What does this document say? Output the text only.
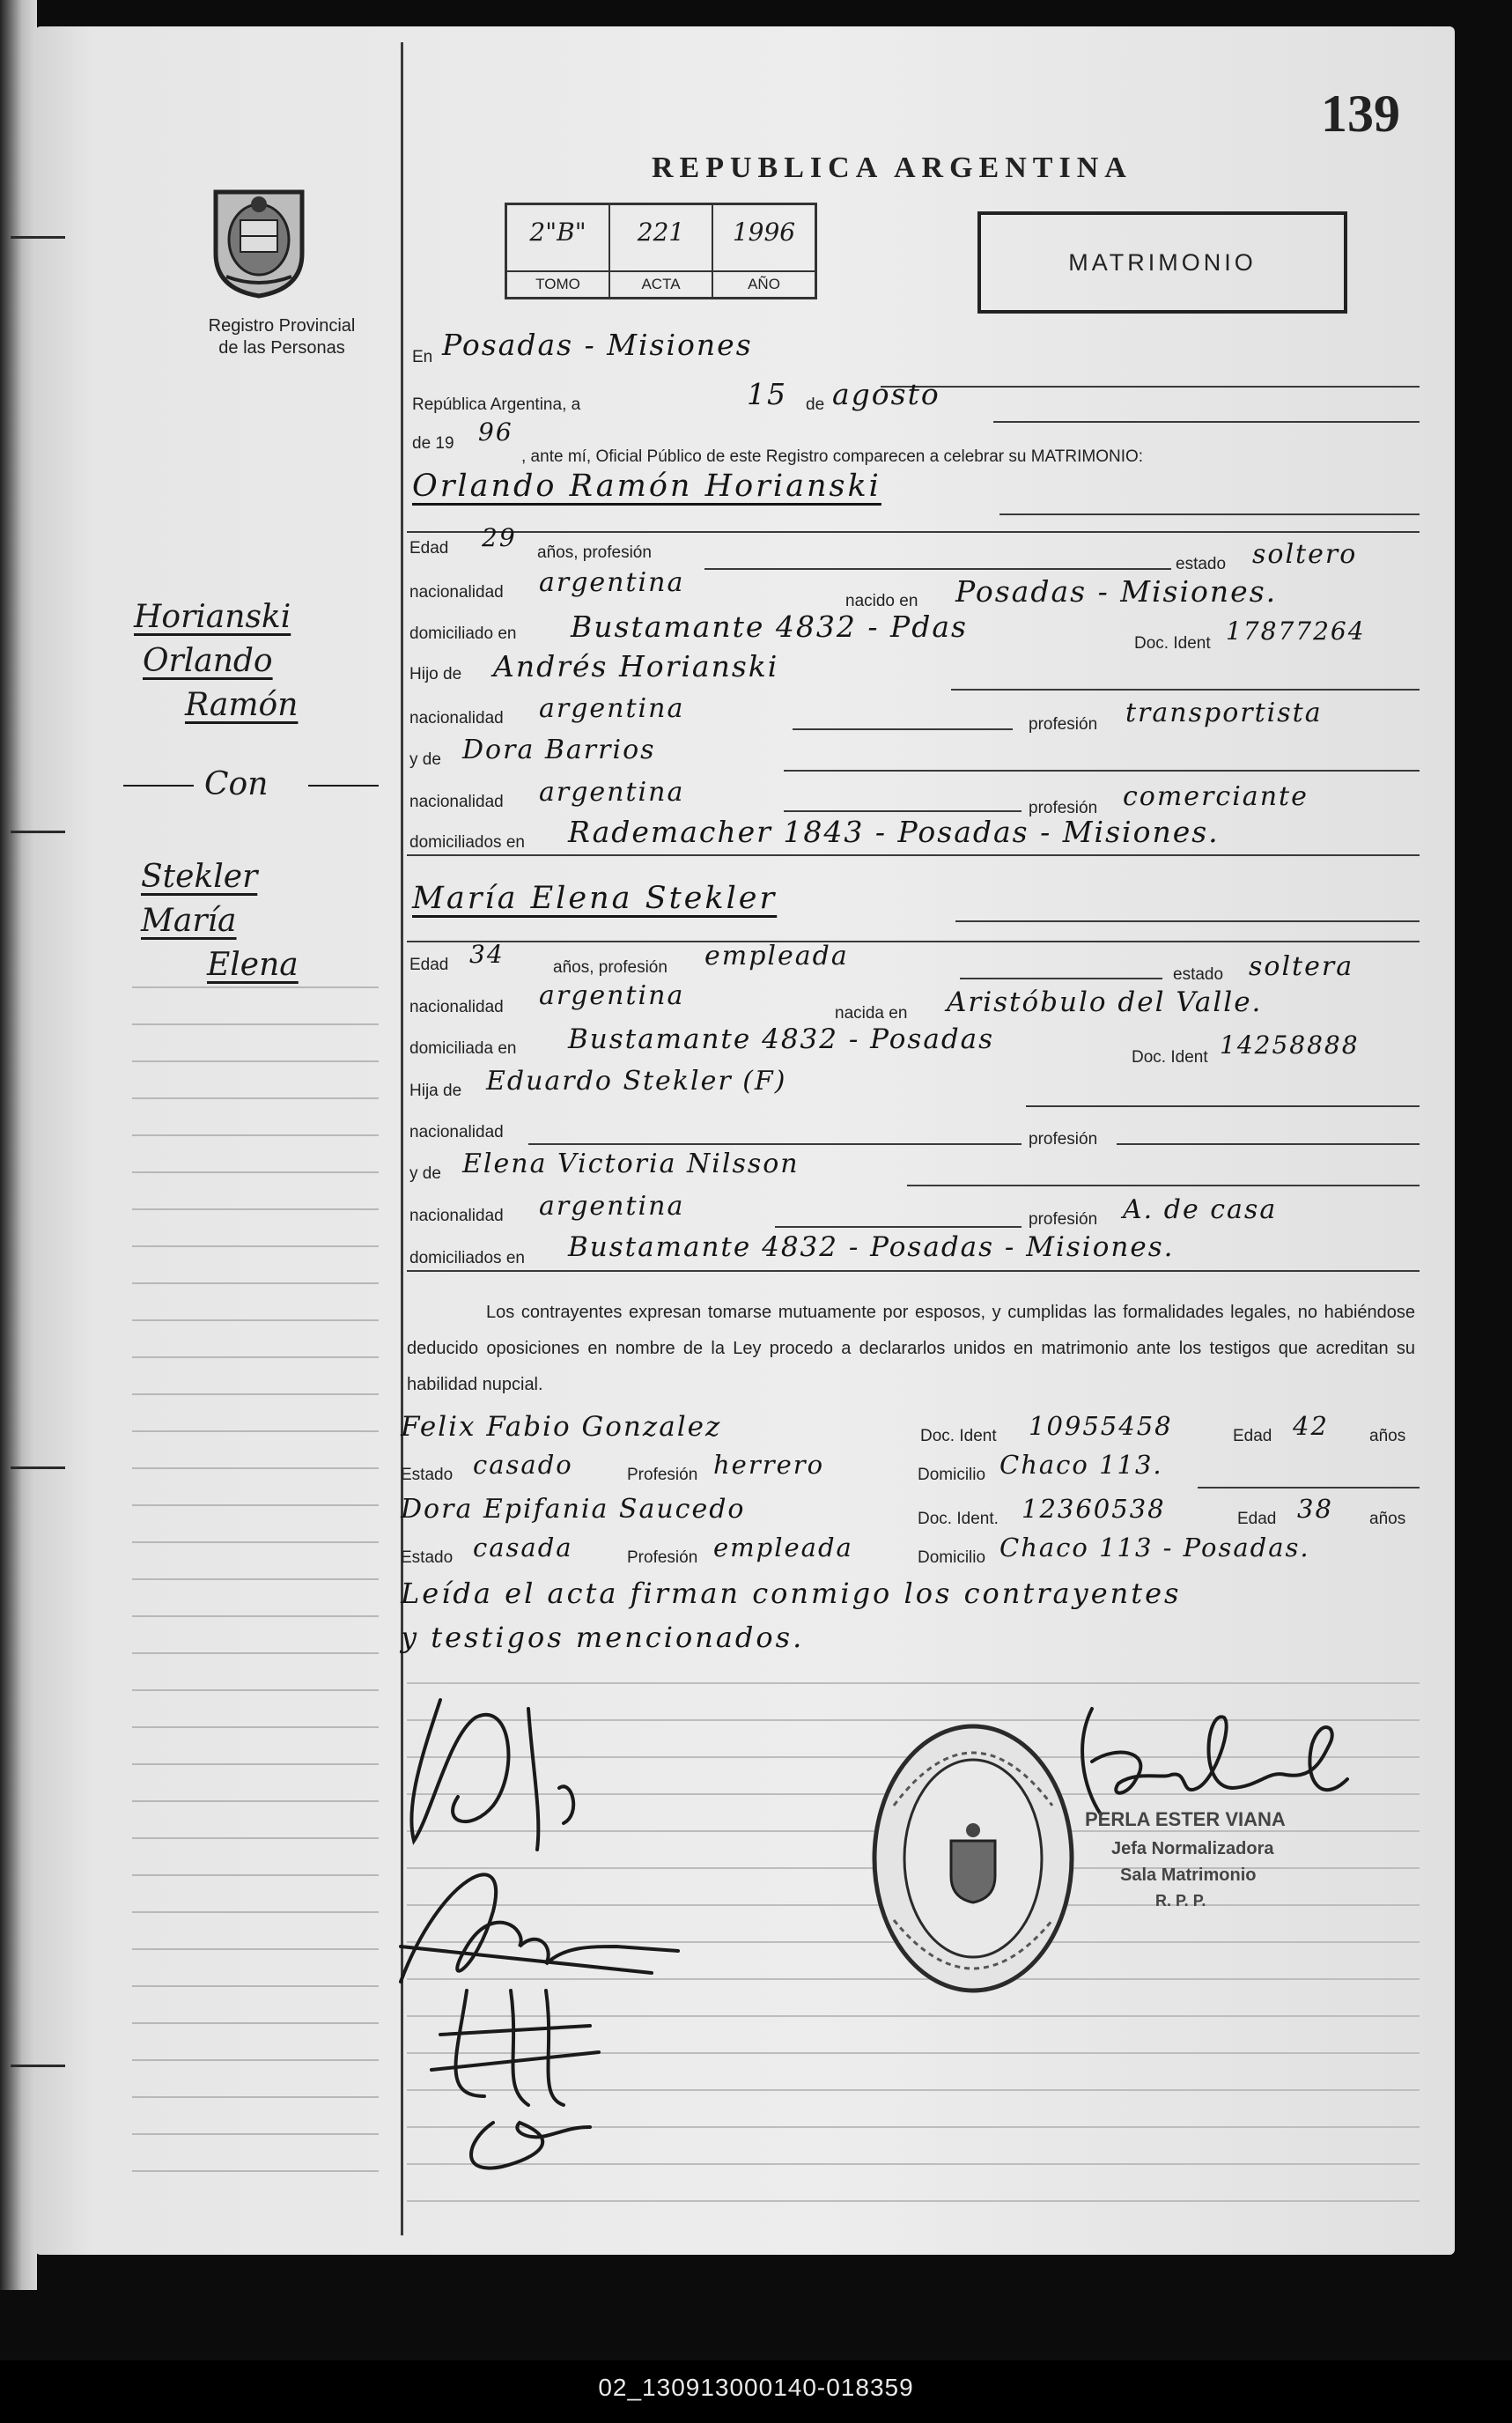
02_130913000140-018359
139
REPUBLICA ARGENTINA
MATRIMONIO
2"B"
TOMO
221
ACTA
1996
AÑO
Registro Provincial
de las Personas
Horianski
Orlando
Ramón
Con
Stekler
María
Elena
En Posadas - Misiones
República Argentina, a	15 de agosto
de 19 96
, ante mí, Oficial Público de este Registro comparecen a celebrar su MATRIMONIO:
Orlando Ramón Horianski
Edad 29
años, profesión
estado soltero
nacionalidad argentina
nacido en Posadas - Misiones.
domiciliado en Bustamante 4832 - Pdas	Doc. Ident 17877264
Hijo de Andrés Horianski
nacionalidad argentina
profesión transportista
y de Dora Barrios
nacionalidad argentina
profesión comerciante
domiciliados en Rademacher 1843 - Posadas - Misiones.
María Elena Stekler
Edad 34	años, profesión empleada
estado soltera
nacionalidad argentina
nacida en Aristóbulo del Valle.
domiciliada en Bustamante 4832 - Posadas
Doc. Ident 14258888
Hija de Eduardo Stekler (F)
nacionalidad	profesión
y de Elena Victoria Nilsson
nacionalidad argentina	profesión A. de casa
domiciliados en Bustamante 4832 - Posadas - Misiones.
Los contrayentes expresan tomarse mutuamente por esposos, y cumplidas las formalidades legales, no habiéndose deducido oposiciones en nombre de la Ley procedo a declararlos unidos en matrimonio ante los testigos que acreditan su habilidad nupcial.
Felix Fabio Gonzalez	Doc. Ident 10955458	Edad 42 años
Estado casado	Profesión herrero	Domicilio Chaco 113.
Dora Epifania Saucedo	Doc. Ident. 12360538	Edad 38 años
Estado casada	Profesión empleada	Domicilio Chaco 113 - Posadas.
Leída el acta firman conmigo los contrayentes
y testigos mencionados.
PERLA ESTER VIANA
Jefa Normalizadora
Sala Matrimonio
R. P. P.
